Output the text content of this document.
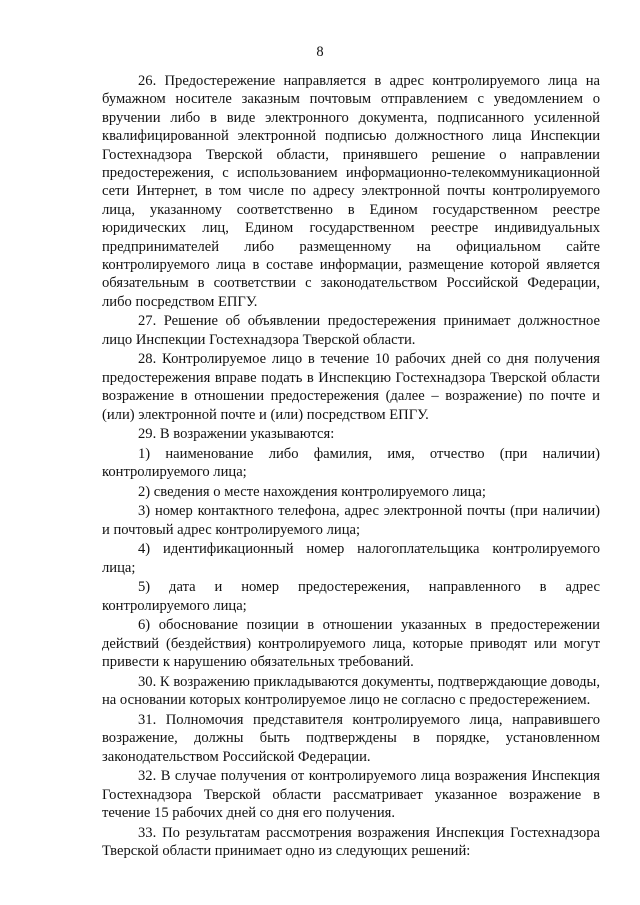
8

26. Предостережение направляется в адрес контролируемого лица на бумажном носителе заказным почтовым отправлением с уведомлением о вручении либо в виде электронного документа, подписанного усиленной квалифицированной электронной подписью должностного лица Инспекции Гостехнадзора Тверской области, принявшего решение о направлении предостережения, с использованием информационно-телекоммуникационной сети Интернет, в том числе по адресу электронной почты контролируемого лица, указанному соответственно в Едином государственном реестре юридических лиц, Едином государственном реестре индивидуальных предпринимателей либо размещенному на официальном сайте контролируемого лица в составе информации, размещение которой является обязательным в соответствии с законодательством Российской Федерации, либо посредством ЕПГУ.

27. Решение об объявлении предостережения принимает должностное лицо Инспекции Гостехнадзора Тверской области.

28. Контролируемое лицо в течение 10 рабочих дней со дня получения предостережения вправе подать в Инспекцию Гостехнадзора Тверской области возражение в отношении предостережения (далее – возражение) по почте и (или) электронной почте и (или) посредством ЕПГУ.

29. В возражении указываются:

1) наименование либо фамилия, имя, отчество (при наличии) контролируемого лица;

2) сведения о месте нахождения контролируемого лица;

3) номер контактного телефона, адрес электронной почты (при наличии) и почтовый адрес контролируемого лица;

4) идентификационный номер налогоплательщика контролируемого лица;

5) дата и номер предостережения, направленного в адрес контролируемого лица;

6) обоснование позиции в отношении указанных в предостережении действий (бездействия) контролируемого лица, которые приводят или могут привести к нарушению обязательных требований.

30. К возражению прикладываются документы, подтверждающие доводы, на основании которых контролируемое лицо не согласно с предостережением.

31. Полномочия представителя контролируемого лица, направившего возражение, должны быть подтверждены в порядке, установленном законодательством Российской Федерации.

32. В случае получения от контролируемого лица возражения Инспекция Гостехнадзора Тверской области рассматривает указанное возражение в течение 15 рабочих дней со дня его получения.

33. По результатам рассмотрения возражения Инспекция Гостехнадзора Тверской области принимает одно из следующих решений:
